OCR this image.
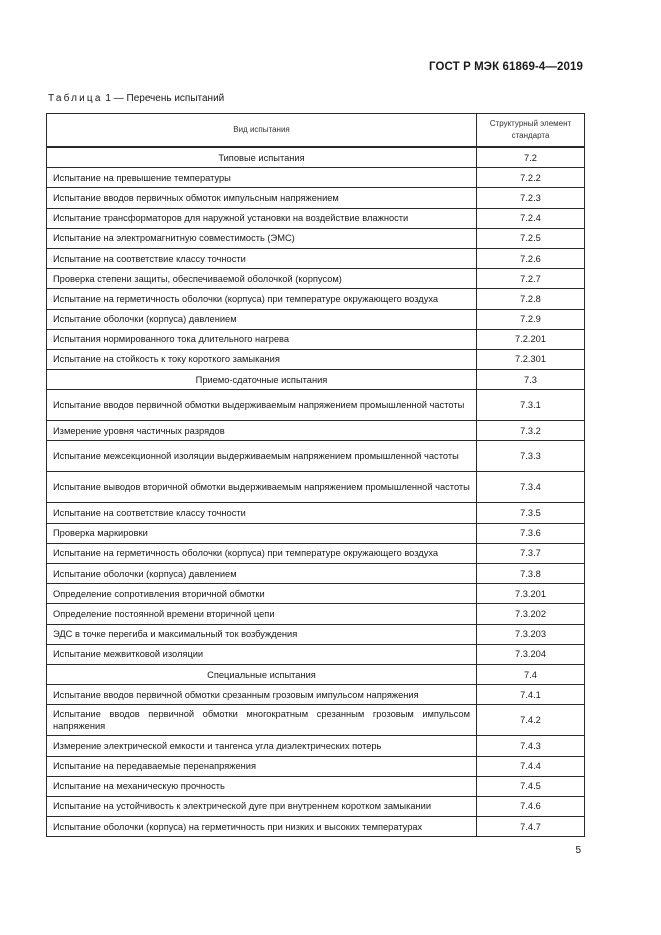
ГОСТ Р МЭК 61869-4—2019
Таблица 1 — Перечень испытаний
Вид испытания	Структурный элемент стандарта
Типовые испытания	7.2
Испытание на превышение температуры	7.2.2
Испытание вводов первичных обмоток импульсным напряжением	7.2.3
Испытание трансформаторов для наружной установки на воздействие влажности	7.2.4
Испытание на электромагнитную совместимость (ЭМС)	7.2.5
Испытание на соответствие классу точности	7.2.6
Проверка степени защиты, обеспечиваемой оболочкой (корпусом)	7.2.7
Испытание на герметичность оболочки (корпуса) при температуре окружающего воздуха	7.2.8
Испытание оболочки (корпуса) давлением	7.2.9
Испытания нормированного тока длительного нагрева	7.2.201
Испытание на стойкость к току короткого замыкания	7.2.301
Приемо-сдаточные испытания	7.3
Испытание вводов первичной обмотки выдерживаемым напряжением промышленной частоты	7.3.1
Измерение уровня частичных разрядов	7.3.2
Испытание межсекционной изоляции выдерживаемым напряжением промышленной частоты	7.3.3
Испытание выводов вторичной обмотки выдерживаемым напряжением промышленной частоты	7.3.4
Испытание на соответствие классу точности	7.3.5
Проверка маркировки	7.3.6
Испытание на герметичность оболочки (корпуса) при температуре окружающего воздуха	7.3.7
Испытание оболочки (корпуса) давлением	7.3.8
Определение сопротивления вторичной обмотки	7.3.201
Определение постоянной времени вторичной цепи	7.3.202
ЭДС в точке перегиба и максимальный ток возбуждения	7.3.203
Испытание межвитковой изоляции	7.3.204
Специальные испытания	7.4
Испытание вводов первичной обмотки срезанным грозовым импульсом напряжения	7.4.1
Испытание вводов первичной обмотки многократным срезанным грозовым импульсом напряжения	7.4.2
Измерение электрической емкости и тангенса угла диэлектрических потерь	7.4.3
Испытание на передаваемые перенапряжения	7.4.4
Испытание на механическую прочность	7.4.5
Испытание на устойчивость к электрической дуге при внутреннем коротком замыкании	7.4.6
Испытание оболочки (корпуса) на герметичность при низких и высоких температурах	7.4.7
5
